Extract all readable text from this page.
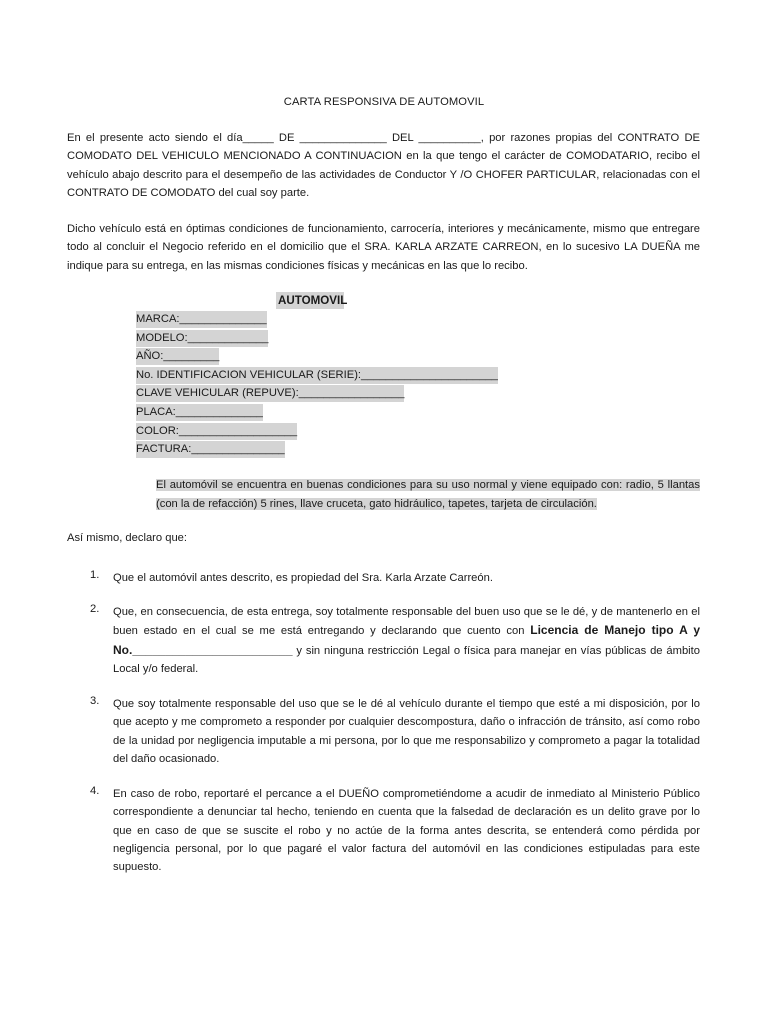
CARTA RESPONSIVA DE AUTOMOVIL

En el presente acto siendo el día_____ DE ______________ DEL __________, por razones propias del CONTRATO DE COMODATO DEL VEHICULO MENCIONADO A CONTINUACION en la que tengo el carácter de COMODATARIO, recibo el vehículo abajo descrito para el desempeño de las actividades de Conductor Y /O CHOFER PARTICULAR, relacionadas con el CONTRATO DE COMODATO del cual soy parte.

Dicho vehículo está en óptimas condiciones de funcionamiento, carrocería, interiores y mecánicamente, mismo que entregare todo al concluir el Negocio referido en el domicilio que el SRA. KARLA ARZATE CARREON, en lo sucesivo LA DUEÑA me indique para su entrega, en las mismas condiciones físicas y mecánicas en las que lo recibo.

AUTOMOVIL
MARCA:______________
MODELO:_____________
AÑO:_________
No. IDENTIFICACION VEHICULAR (SERIE):______________________
CLAVE VEHICULAR (REPUVE):_________________
PLACA:______________
COLOR:___________________
FACTURA:_______________

El automóvil se encuentra en buenas condiciones para su uso normal y viene equipado con: radio, 5 llantas (con la de refacción) 5 rines, llave cruceta, gato hidráulico, tapetes, tarjeta de circulación.

Así mismo, declaro que:
1. Que el automóvil antes descrito, es propiedad del Sra. Karla Arzate Carreón.

2. Que, en consecuencia, de esta entrega, soy totalmente responsable del buen uso que se le dé, y de mantenerlo en el buen estado en el cual se me está entregando y declarando que cuento con Licencia de Manejo tipo A y No.________________________ y sin ninguna restricción Legal o física para manejar en vías públicas de ámbito Local y/o federal.

3. Que soy totalmente responsable del uso que se le dé al vehículo durante el tiempo que esté a mi disposición, por lo que acepto y me comprometo a responder por cualquier descompostura, daño o infracción de tránsito, así como robo de la unidad por negligencia imputable a mi persona, por lo que me responsabilizo y comprometo a pagar la totalidad del daño ocasionado.

4. En caso de robo, reportaré el percance a el DUEÑO comprometiéndome a acudir de inmediato al Ministerio Público correspondiente a denunciar tal hecho, teniendo en cuenta que la falsedad de declaración es un delito grave por lo que en caso de que se suscite el robo y no actúe de la forma antes descrita, se entenderá como pérdida por negligencia personal, por lo que pagaré el valor factura del automóvil en las condiciones estipuladas para este supuesto.
